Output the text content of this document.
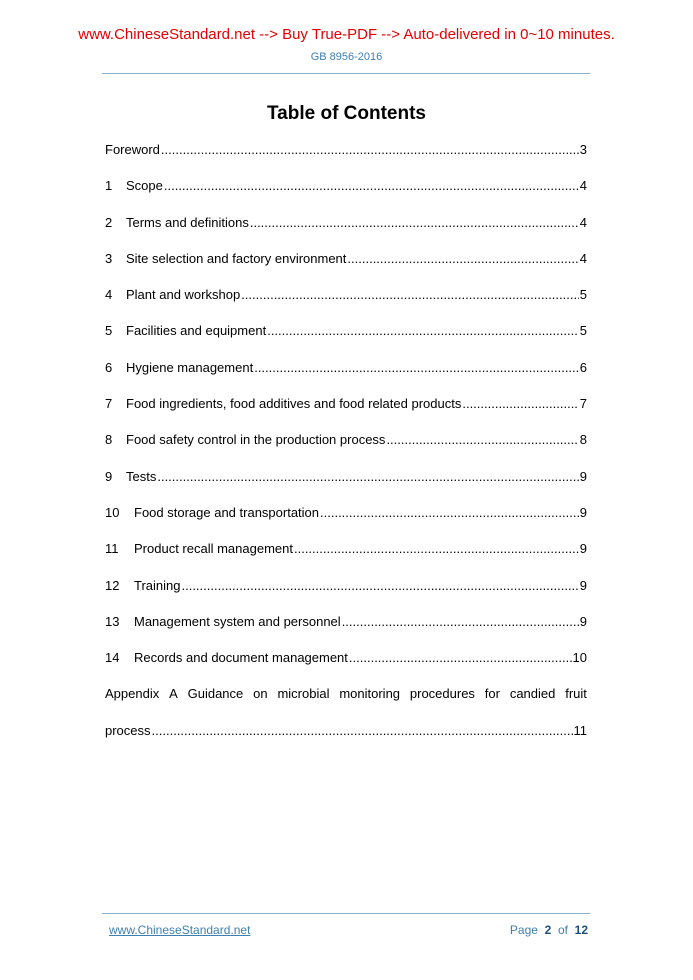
www.ChineseStandard.net --> Buy True-PDF --> Auto-delivered in 0~10 minutes.
GB 8956-2016
Table of Contents
Foreword .....	3
1	Scope .....	4
2	Terms and definitions .....	4
3	Site selection and factory environment .....	4
4	Plant and workshop .....	5
5	Facilities and equipment .....	5
6	Hygiene management .....	6
7	Food ingredients, food additives and food related products .....	7
8	Food safety control in the production process .....	8
9	Tests .....	9
10	Food storage and transportation .....	9
11	Product recall management .....	9
12	Training .....	9
13	Management system and personnel .....	9
14	Records and document management .....	10
Appendix A Guidance on microbial monitoring procedures for candied fruit
process .....	11
www.ChineseStandard.net	Page 2 of 12
